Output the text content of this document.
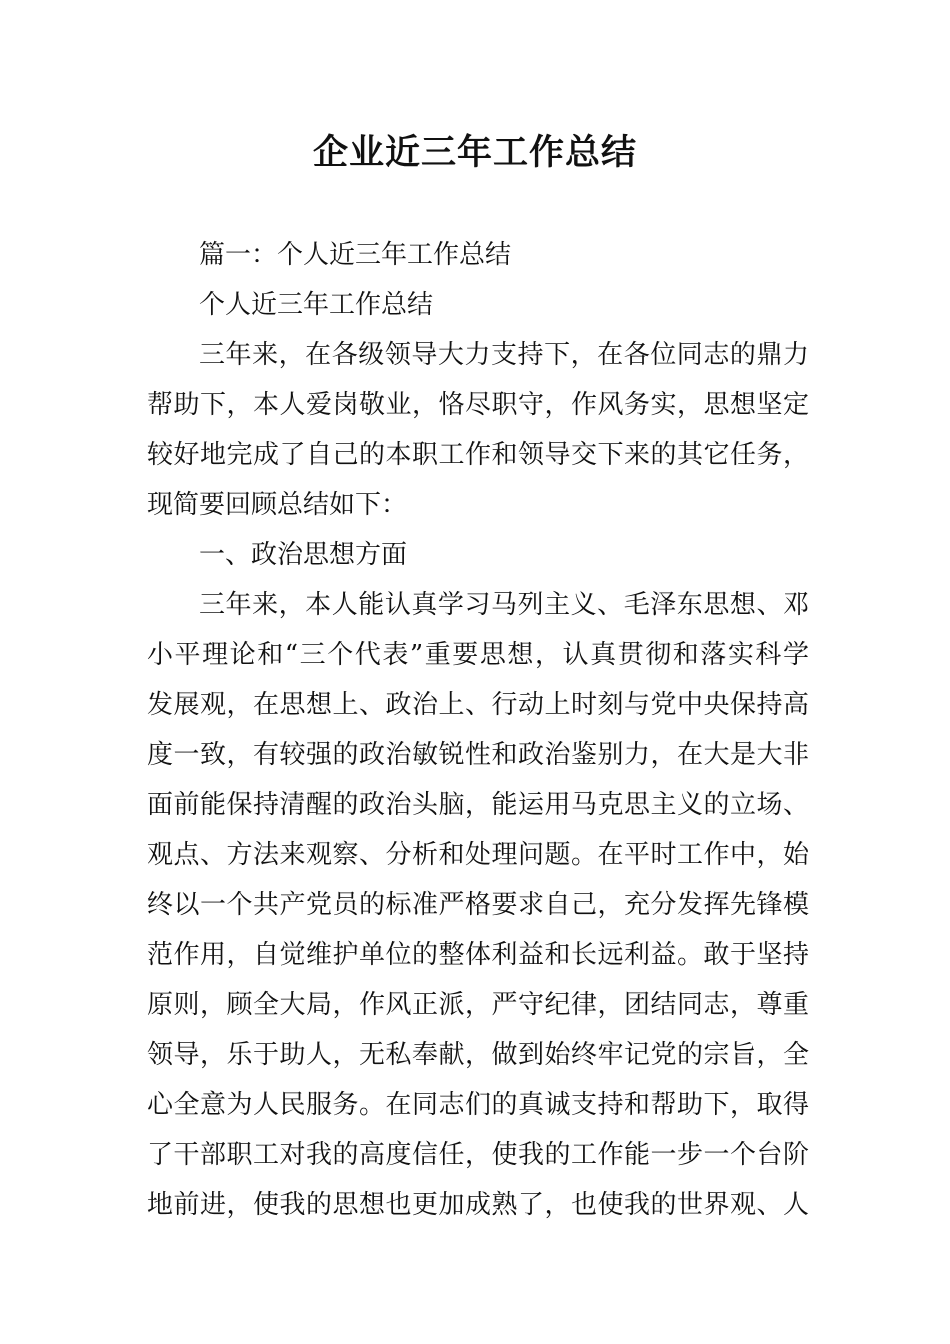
企业近三年工作总结
篇一：个人近三年工作总结
个人近三年工作总结
三年来，在各级领导大力支持下，在各位同志的鼎力
帮助下，本人爱岗敬业，恪尽职守，作风务实，思想坚定
较好地完成了自己的本职工作和领导交下来的其它任务，
现简要回顾总结如下：
一、政治思想方面
三年来，本人能认真学习马列主义、毛泽东思想、邓
小平理论和“三个代表”重要思想，认真贯彻和落实科学
发展观，在思想上、政治上、行动上时刻与党中央保持高
度一致，有较强的政治敏锐性和政治鉴别力，在大是大非
面前能保持清醒的政治头脑，能运用马克思主义的立场、
观点、方法来观察、分析和处理问题。在平时工作中，始
终以一个共产党员的标准严格要求自己，充分发挥先锋模
范作用，自觉维护单位的整体利益和长远利益。敢于坚持
原则，顾全大局，作风正派，严守纪律，团结同志，尊重
领导，乐于助人，无私奉献，做到始终牢记党的宗旨，全
心全意为人民服务。在同志们的真诚支持和帮助下，取得
了干部职工对我的高度信任，使我的工作能一步一个台阶
地前进，使我的思想也更加成熟了，也使我的世界观、人
